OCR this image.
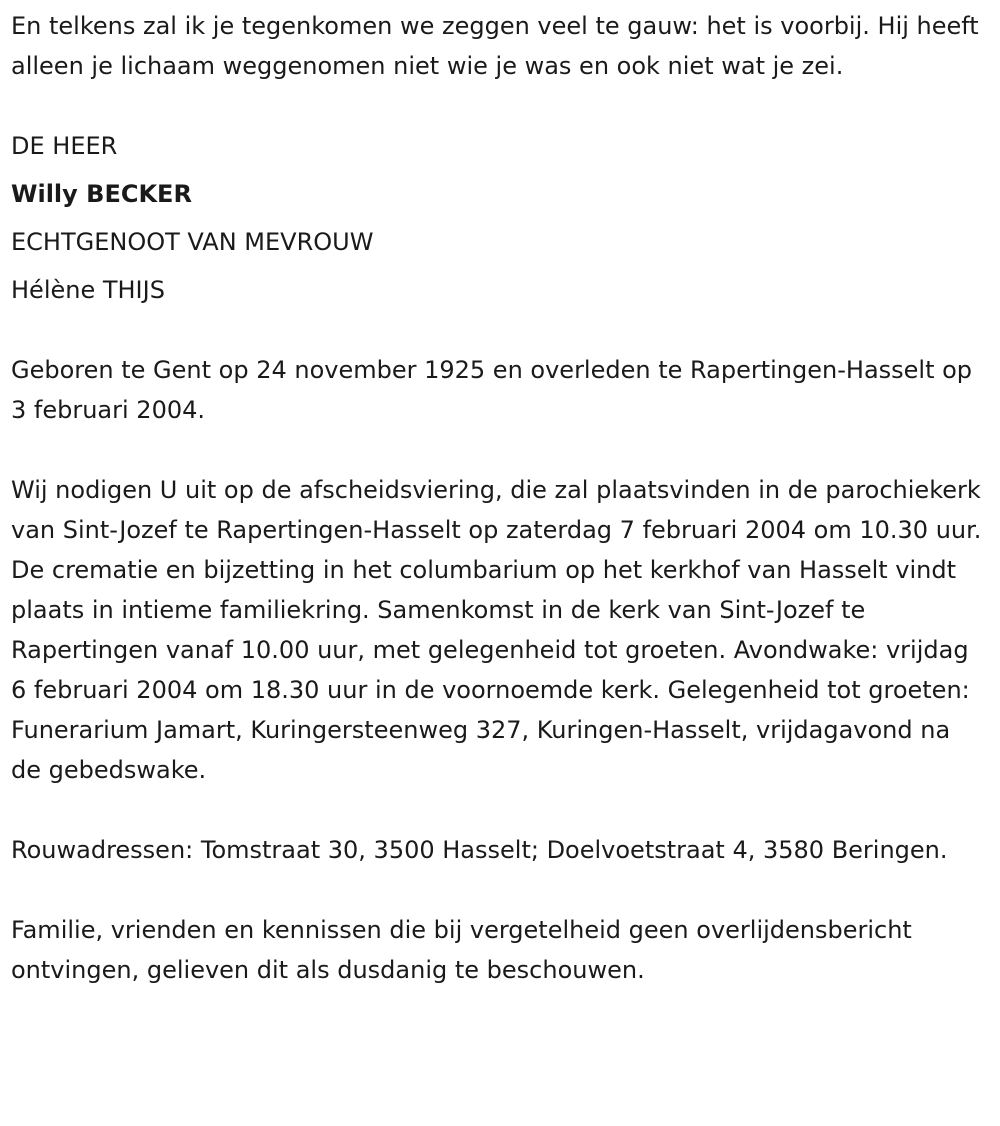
En telkens zal ik je tegenkomen we zeggen veel te gauw: het is voorbij. Hij heeft alleen je lichaam weggenomen niet wie je was en ook niet wat je zei.

DE HEER
Willy BECKER
ECHTGENOOT VAN MEVROUW
Hélène THIJS

Geboren te Gent op 24 november 1925 en overleden te Rapertingen-Hasselt op 3 februari 2004.

Wij nodigen U uit op de afscheidsviering, die zal plaatsvinden in de parochiekerk van Sint-Jozef te Rapertingen-Hasselt op zaterdag 7 februari 2004 om 10.30 uur. De crematie en bijzetting in het columbarium op het kerkhof van Hasselt vindt plaats in intieme familiekring. Samenkomst in de kerk van Sint-Jozef te Rapertingen vanaf 10.00 uur, met gelegenheid tot groeten. Avondwake: vrijdag 6 februari 2004 om 18.30 uur in de voornoemde kerk. Gelegenheid tot groeten: Funerarium Jamart, Kuringersteenweg 327, Kuringen-Hasselt, vrijdagavond na de gebedswake.

Rouwadressen: Tomstraat 30, 3500 Hasselt; Doelvoetstraat 4, 3580 Beringen.

Familie, vrienden en kennissen die bij vergetelheid geen overlijdensbericht ontvingen, gelieven dit als dusdanig te beschouwen.
